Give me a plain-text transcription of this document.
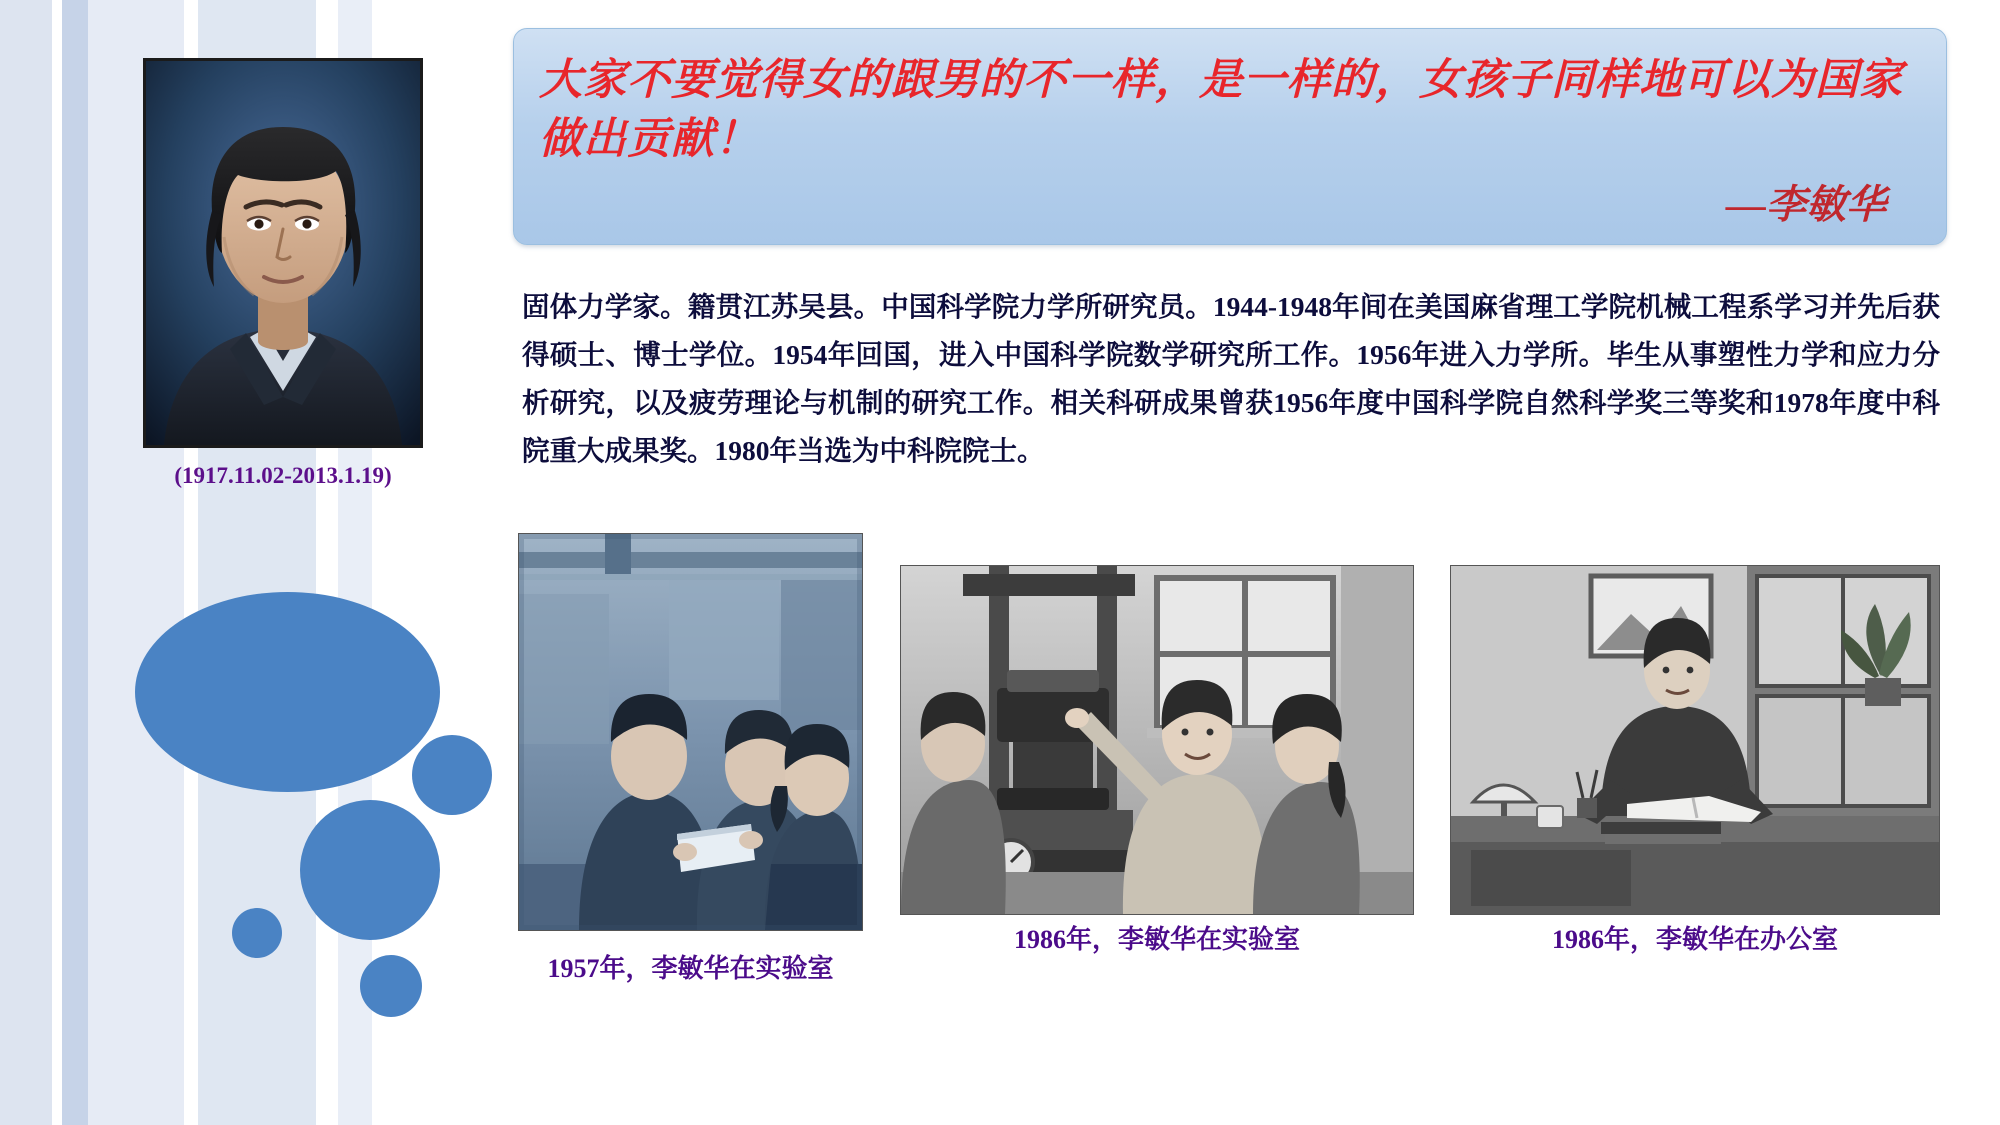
(1917.11.02-2013.1.19)
大家不要觉得女的跟男的不一样，是一样的，女孩子同样地可以为国家做出贡献！
—李敏华
固体力学家。籍贯江苏吴县。中国科学院力学所研究员。1944-1948年间在美国麻省理工学院机械工程系学习并先后获得硕士、博士学位。1954年回国，进入中国科学院数学研究所工作。1956年进入力学所。毕生从事塑性力学和应力分析研究，以及疲劳理论与机制的研究工作。相关科研成果曾获1956年度中国科学院自然科学奖三等奖和1978年度中科院重大成果奖。1980年当选为中科院院士。
1957年，李敏华在实验室
1986年，李敏华在实验室	1986年，李敏华在办公室
